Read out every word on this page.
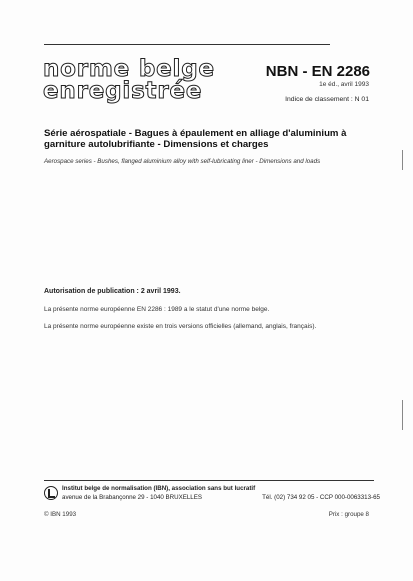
norme belge
enregistrée
NBN - EN 2286
1e éd., avril 1993
Indice de classement : N 01
Série aérospatiale - Bagues à épaulement en alliage d'aluminium à garniture autolubrifiante - Dimensions et charges
Aerospace series - Bushes, flanged aluminium alloy with self-lubricating liner - Dimensions and loads
Autorisation de publication : 2 avril 1993.
La présente norme européenne EN 2286 : 1989 a le statut d'une norme belge.
La présente norme européenne existe en trois versions officielles (allemand, anglais, français).
Institut belge de normalisation (IBN), association sans but lucratif
avenue de la Brabançonne 29 - 1040 BRUXELLES	Tél. (02) 734 92 05 - CCP 000-0063313-65
© IBN 1993	Prix : groupe 8
